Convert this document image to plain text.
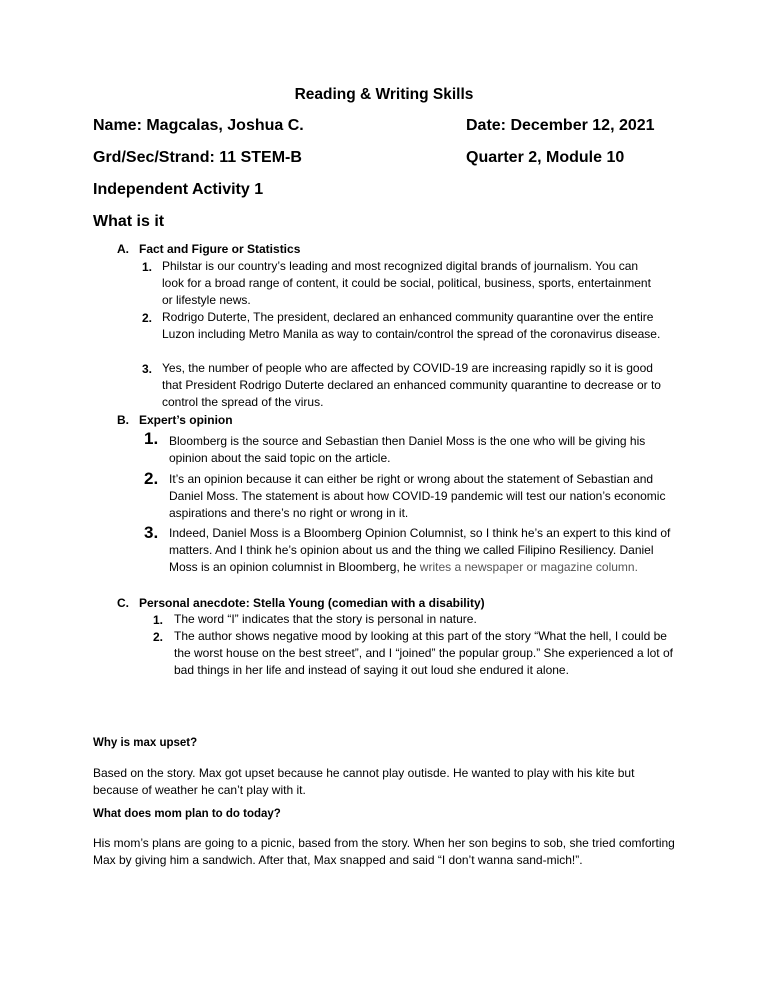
Reading & Writing Skills
Name: Magcalas, Joshua C.	Date: December 12, 2021
Grd/Sec/Strand: 11 STEM-B	Quarter 2, Module 10
Independent Activity 1
What is it
A. Fact and Figure or Statistics
1. Philstar is our country’s leading and most recognized digital brands of journalism. You can look for a broad range of content, it could be social, political, business, sports, entertainment or lifestyle news.
2. Rodrigo Duterte, The president, declared an enhanced community quarantine over the entire Luzon including Metro Manila as way to contain/control the spread of the coronavirus disease.
3. Yes, the number of people who are affected by COVID-19 are increasing rapidly so it is good that President Rodrigo Duterte declared an enhanced community quarantine to decrease or to control the spread of the virus.
B. Expert’s opinion
1. Bloomberg is the source and Sebastian then Daniel Moss is the one who will be giving his opinion about the said topic on the article.
2. It’s an opinion because it can either be right or wrong about the statement of Sebastian and Daniel Moss. The statement is about how COVID-19 pandemic will test our nation’s economic aspirations and there’s no right or wrong in it.
3. Indeed, Daniel Moss is a Bloomberg Opinion Columnist, so I think he’s an expert to this kind of matters. And I think he’s opinion about us and the thing we called Filipino Resiliency. Daniel Moss is an opinion columnist in Bloomberg, he writes a newspaper or magazine column.
C. Personal anecdote: Stella Young (comedian with a disability)
1. The word “I” indicates that the story is personal in nature.
2. The author shows negative mood by looking at this part of the story “What the hell, I could be the worst house on the best street”, and I “joined” the popular group.” She experienced a lot of bad things in her life and instead of saying it out loud she endured it alone.
Why is max upset?
Based on the story. Max got upset because he cannot play outisde. He wanted to play with his kite but because of weather he can’t play with it.
What does mom plan to do today?
His mom’s plans are going to a picnic, based from the story. When her son begins to sob, she tried comforting Max by giving him a sandwich. After that, Max snapped and said “I don’t wanna sand-mich!”.
